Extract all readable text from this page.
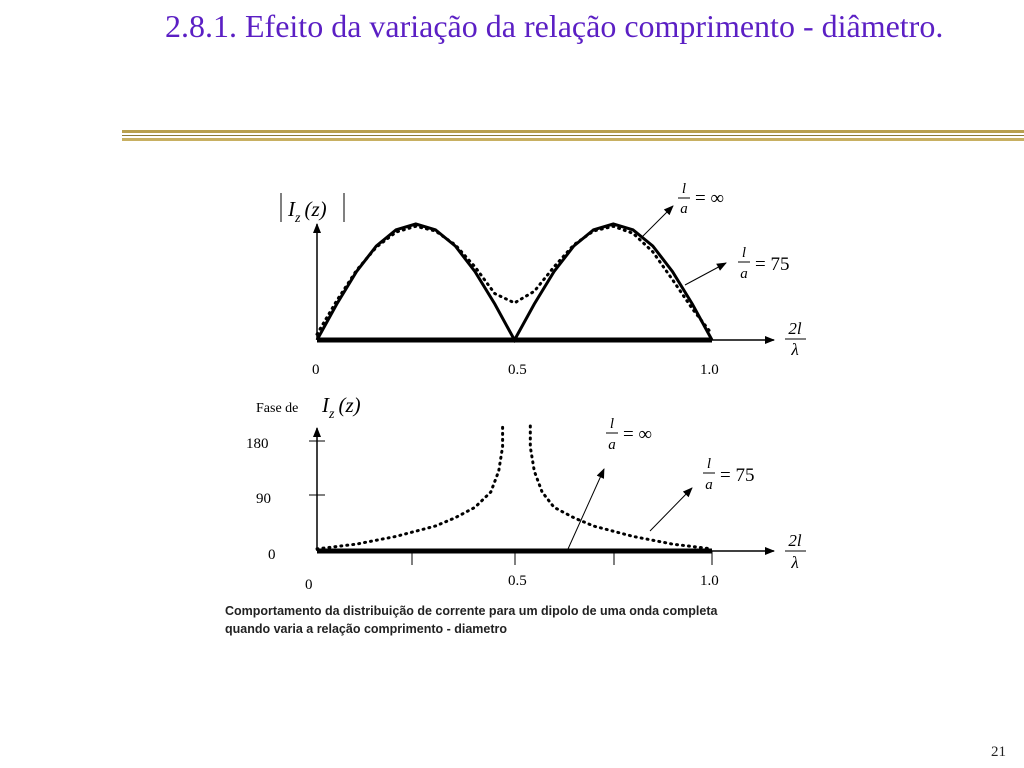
2.8.1. Efeito da variação da relação comprimento - diâmetro.
$I_z$ (z)
2l
λ
0	0.5	1.0
l
a = ∞
l
a = 75
180
90
0
0	0.5	1.0
Fase de $I_z$ (z)
2l
λ
l
a = ∞
l
a = 75

Comportamento da distribuição de corrente para um dipolo de uma onda completa

quando varia a relação comprimento - diametro

21
